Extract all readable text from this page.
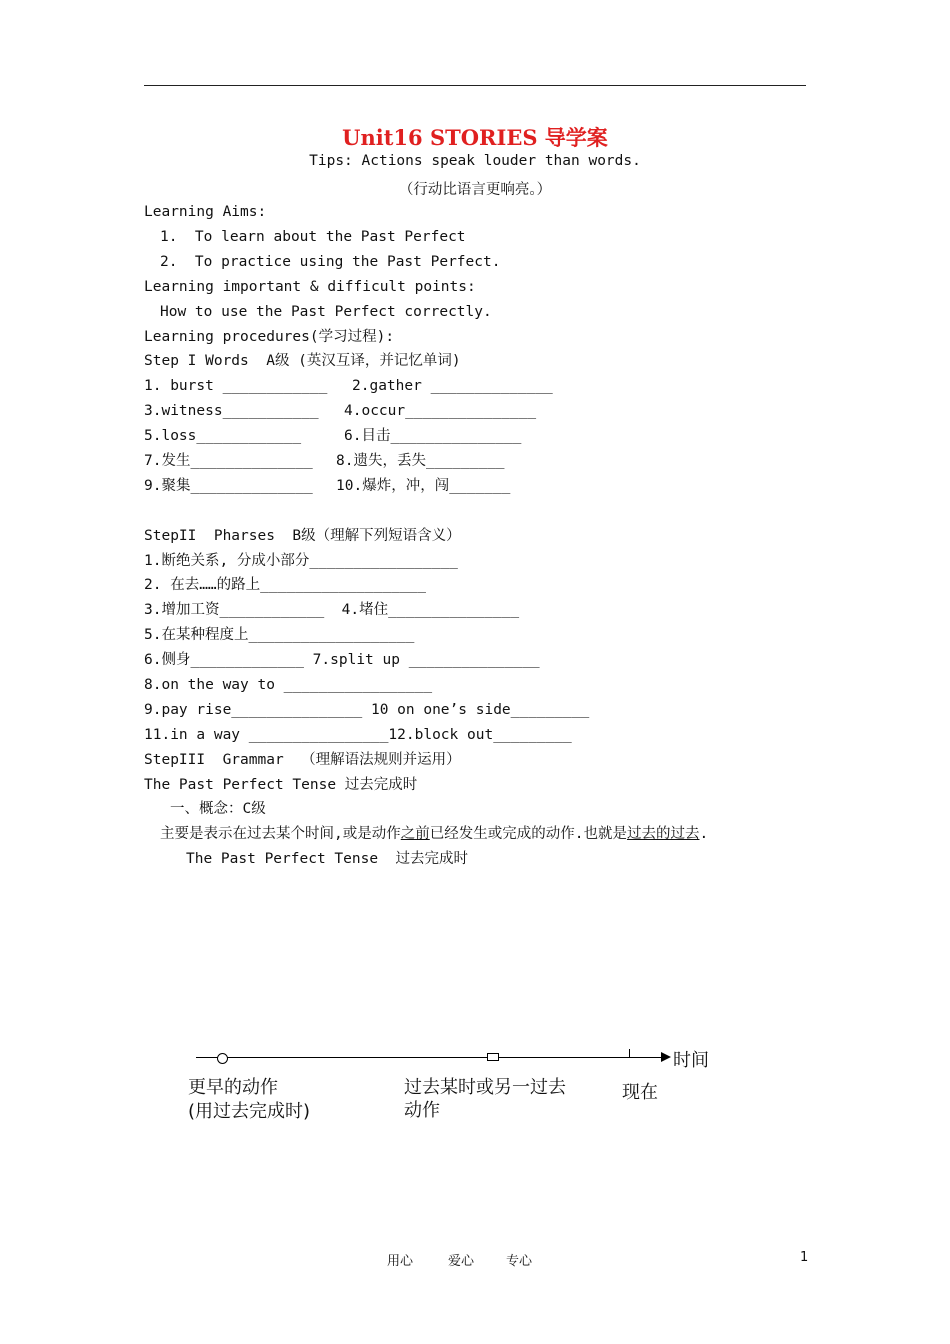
Unit16 STORIES 导学案
Tips: Actions speak louder than words.
（行动比语言更响亮。）
Learning Aims:
1.  To learn about the Past Perfect
2.  To practice using the Past Perfect.
Learning important & difficult points:
How to use the Past Perfect correctly.
Learning procedures(学习过程):
Step I Words  A级 (英汉互译，并记忆单词)
1. burst ____________ 2.gather ______________
3.witness___________ 4.occur_______________
5.loss____________	6.目击_______________
7.发生______________ 8.遗失，丢失_________
9.聚集______________ 10.爆炸，冲，闯_______
StepII  Pharses  B级（理解下列短语含义）
1.断绝关系, 分成小部分_________________
2. 在去……的路上___________________
3.增加工资____________  4.堵住_______________
5.在某种程度上___________________
6.侧身_____________ 7.split up _______________
8.on the way to _________________
9.pay rise_______________ 10 on one’s side_________
11.in a way ________________12.block out_________
StepIII  Grammar  （理解语法规则并运用）
The Past Perfect Tense 过去完成时
一、概念：C级
主要是表示在过去某个时间,或是动作之前已经发生或完成的动作.也就是过去的过去.
The Past Perfect Tense  过去完成时
时间
更早的动作
(用过去完成时)
过去某时或另一过去
动作
现在
用心	爱心 专心	1
